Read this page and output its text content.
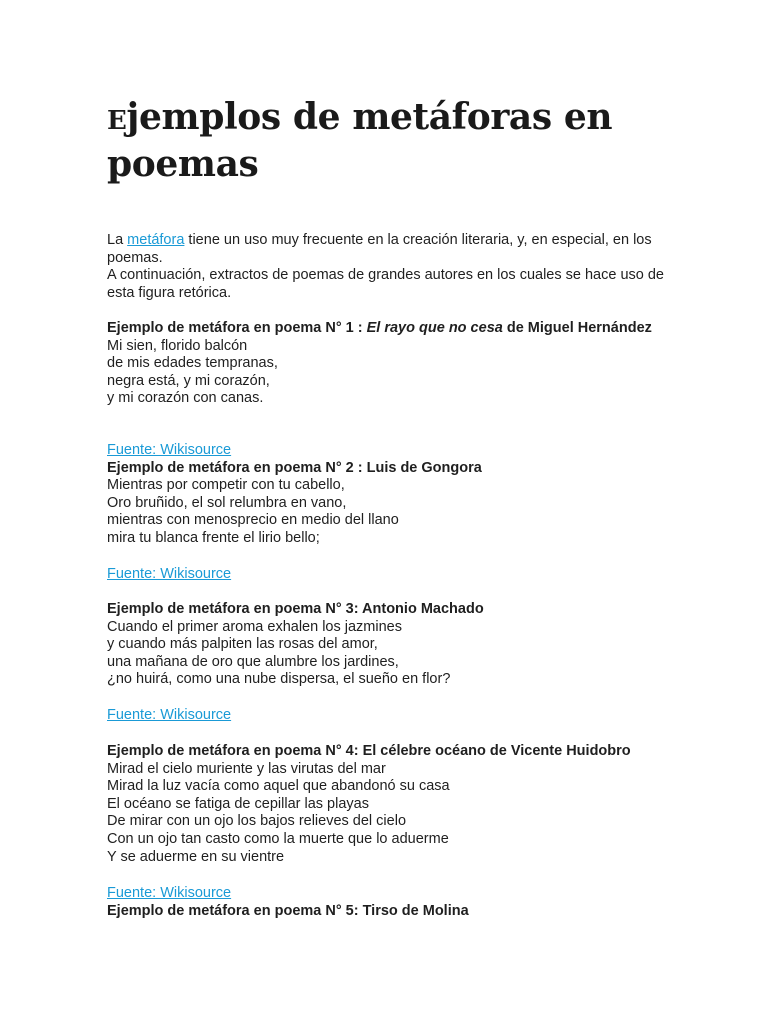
Ejemplos de metáforas en poemas
La metáfora tiene un uso muy frecuente en la creación literaria, y, en especial, en los poemas.
A continuación, extractos de poemas de grandes autores en los cuales se hace uso de esta figura retórica.
Ejemplo de metáfora en poema N° 1 : El rayo que no cesa de Miguel Hernández
Mi sien, florido balcón
de mis edades tempranas,
negra está, y mi corazón,
y mi corazón con canas.
Fuente: Wikisource
Ejemplo de metáfora en poema N° 2 : Luis de Gongora
Mientras por competir con tu cabello,
Oro bruñido, el sol relumbra en vano,
mientras con menosprecio en medio del llano
mira tu blanca frente el lirio bello;
Fuente: Wikisource
Ejemplo de metáfora en poema N° 3: Antonio Machado
Cuando el primer aroma exhalen los jazmines
y cuando más palpiten las rosas del amor,
una mañana de oro que alumbre los jardines,
¿no huirá, como una nube dispersa, el sueño en flor?
Fuente: Wikisource
Ejemplo de metáfora en poema N° 4: El célebre océano de Vicente Huidobro
Mirad el cielo muriente y las virutas del mar
Mirad la luz vacía como aquel que abandonó su casa
El océano se fatiga de cepillar las playas
De mirar con un ojo los bajos relieves del cielo
Con un ojo tan casto como la muerte que lo aduerme
Y se aduerme en su vientre
Fuente: Wikisource
Ejemplo de metáfora en poema N° 5: Tirso de Molina
